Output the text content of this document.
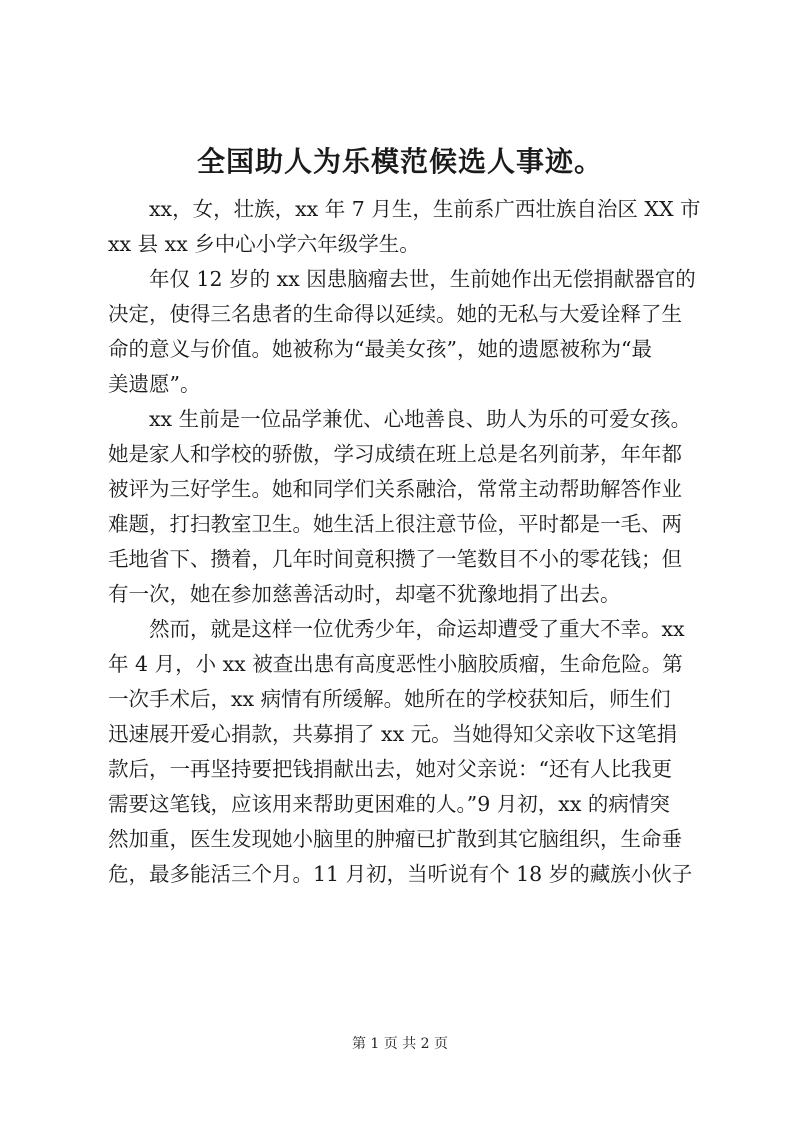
全国助人为乐模范候选人事迹。
xx，女，壮族，xx 年 7 月生，生前系广西壮族自治区 XX 市
xx 县 xx 乡中心小学六年级学生。
年仅 12 岁的 xx 因患脑瘤去世，生前她作出无偿捐献器官的
决定，使得三名患者的生命得以延续。她的无私与大爱诠释了生
命的意义与价值。她被称为“最美女孩”，她的遗愿被称为“最
美遗愿”。
xx 生前是一位品学兼优、心地善良、助人为乐的可爱女孩。
她是家人和学校的骄傲，学习成绩在班上总是名列前茅，年年都
被评为三好学生。她和同学们关系融洽，常常主动帮助解答作业
难题，打扫教室卫生。她生活上很注意节俭，平时都是一毛、两
毛地省下、攒着，几年时间竟积攒了一笔数目不小的零花钱；但
有一次，她在参加慈善活动时，却毫不犹豫地捐了出去。
然而，就是这样一位优秀少年，命运却遭受了重大不幸。xx
年 4 月，小 xx 被查出患有高度恶性小脑胶质瘤，生命危险。第
一次手术后，xx 病情有所缓解。她所在的学校获知后，师生们
迅速展开爱心捐款，共募捐了 xx 元。当她得知父亲收下这笔捐
款后，一再坚持要把钱捐献出去，她对父亲说：“还有人比我更
需要这笔钱，应该用来帮助更困难的人。”9 月初，xx 的病情突
然加重，医生发现她小脑里的肿瘤已扩散到其它脑组织，生命垂
危，最多能活三个月。11 月初，当听说有个 18 岁的藏族小伙子
第 1 页 共 2 页
